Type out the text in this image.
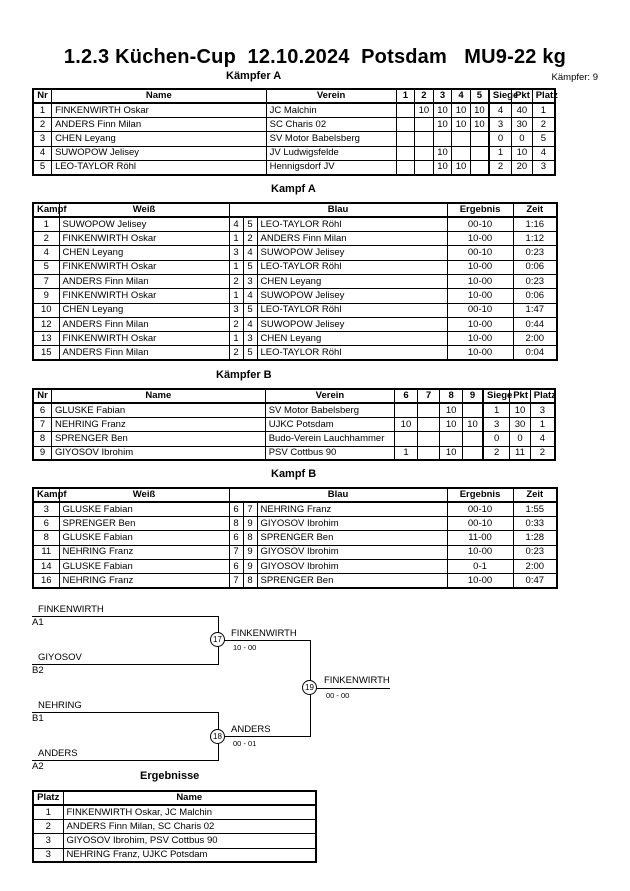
1.2.3 Küchen-Cup  12.10.2024  Potsdam   MU9-22 kg
Kämpfer A	Kämpfer: 9
Nr	Name	Verein	1	2	3	4	5	Siege	Pkt	Platz
1	FINKENWIRTH Oskar	JC Malchin		10	10	10	10	4	40	1
2	ANDERS Finn Milan	SC Charis 02			10	10	10	3	30	2
3	CHEN Leyang	SV Motor Babelsberg						0	0	5
4	SUWOPOW Jelisey	JV Ludwigsfelde			10			1	10	4
5	LEO-TAYLOR Röhl	Hennigsdorf JV			10	10		2	20	3
Kampf A
Kampf	Weiß	Blau			Ergebnis	Zeit
1	SUWOPOW Jelisey	4	5	LEO-TAYLOR Röhl	00-10	1:16
2	FINKENWIRTH Oskar	1	2	ANDERS Finn Milan	10-00	1:12
4	CHEN Leyang	3	4	SUWOPOW Jelisey	00-10	0:23
5	FINKENWIRTH Oskar	1	5	LEO-TAYLOR Röhl	10-00	0:06
7	ANDERS Finn Milan	2	3	CHEN Leyang	10-00	0:23
9	FINKENWIRTH Oskar	1	4	SUWOPOW Jelisey	10-00	0:06
10	CHEN Leyang	3	5	LEO-TAYLOR Röhl	00-10	1:47
12	ANDERS Finn Milan	2	4	SUWOPOW Jelisey	10-00	0:44
13	FINKENWIRTH Oskar	1	3	CHEN Leyang	10-00	2:00
15	ANDERS Finn Milan	2	5	LEO-TAYLOR Röhl	10-00	0:04
Kämpfer B
Nr	Name	Verein	6	7	8	9	Siege	Pkt	Platz
6	GLUSKE Fabian	SV Motor Babelsberg			10		1	10	3
7	NEHRING Franz	UJKC Potsdam	10		10	10	3	30	1
8	SPRENGER Ben	Budo-Verein Lauchhammer					0	0	4
9	GIYOSOV Ibrohim	PSV Cottbus 90	1		10		2	11	2
Kampf B
Kampf	Weiß	Blau			Ergebnis	Zeit
3	GLUSKE Fabian	6	7	NEHRING Franz	00-10	1:55
6	SPRENGER Ben	8	9	GIYOSOV Ibrohim	00-10	0:33
8	GLUSKE Fabian	6	8	SPRENGER Ben	11-00	1:28
11	NEHRING Franz	7	9	GIYOSOV Ibrohim	10-00	0:23
14	GLUSKE Fabian	6	9	GIYOSOV Ibrohim	0-1	2:00
16	NEHRING Franz	7	8	SPRENGER Ben	10-00	0:47
FINKENWIRTH
A1
GIYOSOV
B2
17
FINKENWIRTH
10 - 00
NEHRING
B1
ANDERS
A2
18
ANDERS
00 - 01
19
FINKENWIRTH
00 - 00
Ergebnisse
Platz	Name
1	FINKENWIRTH Oskar, JC Malchin
2	ANDERS Finn Milan, SC Charis 02
3	GIYOSOV Ibrohim, PSV Cottbus 90
3	NEHRING Franz, UJKC Potsdam
